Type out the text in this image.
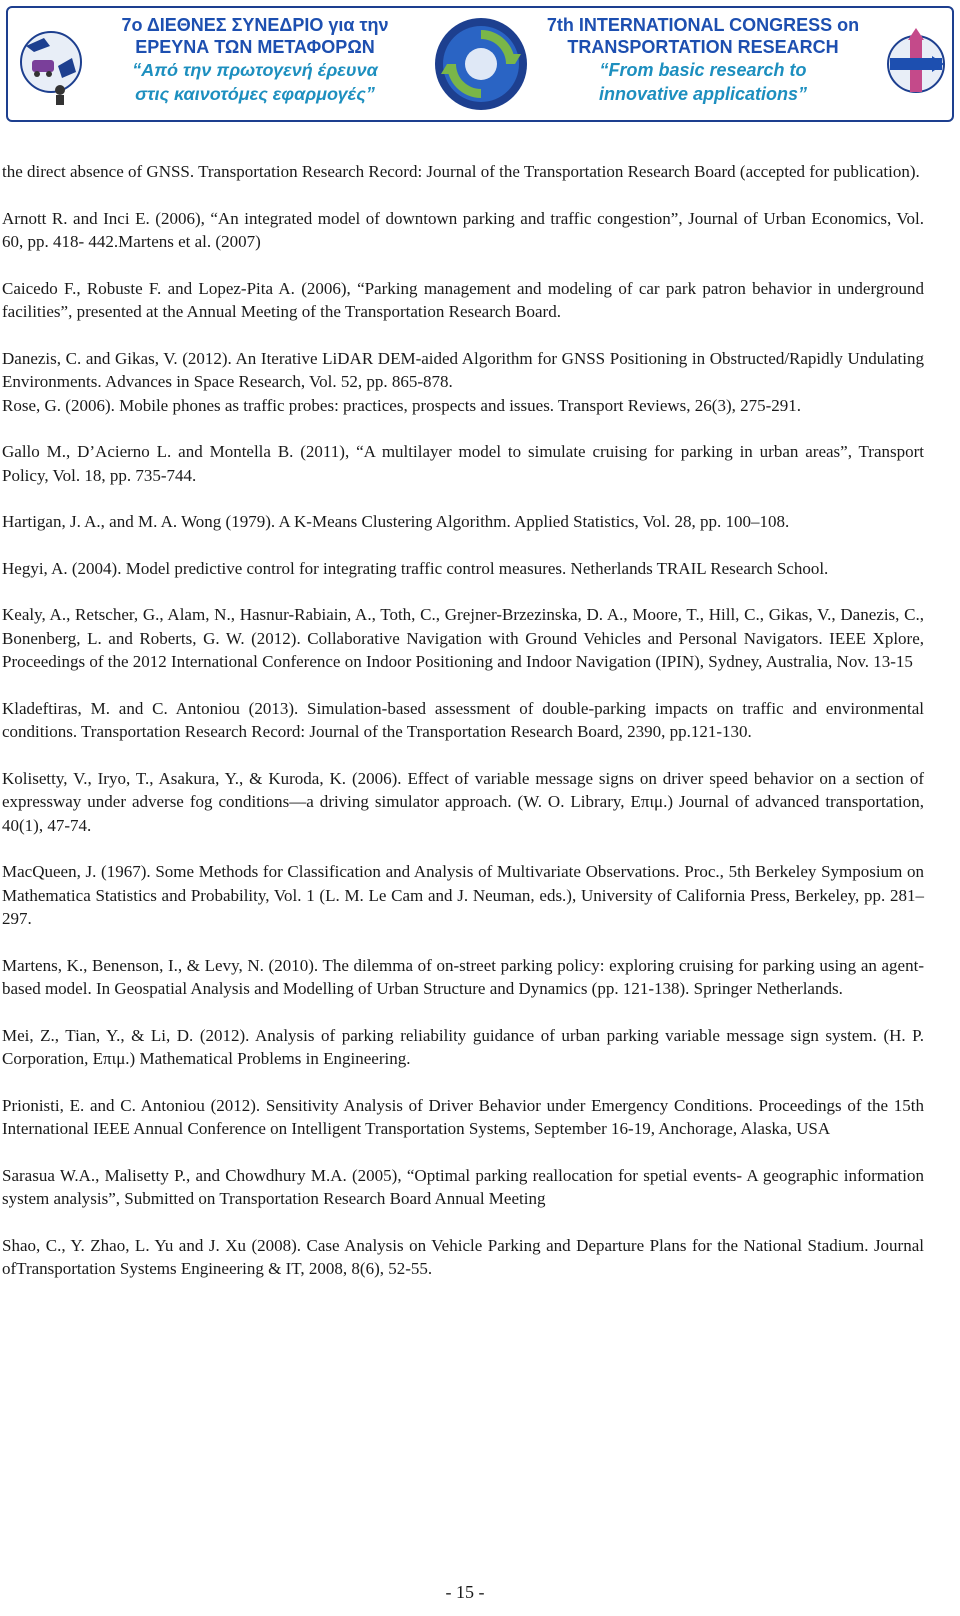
7ο ΔΙΕΘΝΕΣ ΣΥΝΕΔΡΙΟ για την
ΕΡΕΥΝΑ ΤΩΝ ΜΕΤΑΦΟΡΩΝ
“Από την πρωτογενή έρευνα
στις καινοτόμες εφαρμογές”
7th INTERNATIONAL CONGRESS on
TRANSPORTATION RESEARCH
“From basic research to
innovative applications”

the direct absence of GNSS. Transportation Research Record: Journal of the Transportation Research Board (accepted for publication).

Arnott R. and Inci E. (2006), “An integrated model of downtown parking and traffic congestion”, Journal of Urban Economics, Vol. 60, pp. 418- 442.Martens et al. (2007)

Caicedo F., Robuste F. and Lopez-Pita A. (2006), “Parking management and modeling of car park patron behavior in underground facilities”, presented at the Annual Meeting of the Transportation Research Board.

Danezis, C. and Gikas, V. (2012). An Iterative LiDAR DEM-aided Algorithm for GNSS Positioning in Obstructed/Rapidly Undulating Environments. Advances in Space Research, Vol. 52, pp. 865-878.

Rose, G. (2006). Mobile phones as traffic probes: practices, prospects and issues. Transport Reviews, 26(3), 275-291.

Gallo M., D’Acierno L. and Montella B. (2011), “A multilayer model to simulate cruising for parking in urban areas”, Transport Policy, Vol. 18, pp. 735-744.

Hartigan, J. A., and M. A. Wong (1979). A K-Means Clustering Algorithm. Applied Statistics, Vol. 28, pp. 100–108.

Hegyi, A. (2004). Model predictive control for integrating traffic control measures. Netherlands TRAIL Research School.

Kealy, A., Retscher, G., Alam, N., Hasnur-Rabiain, A., Toth, C., Grejner-Brzezinska, D. A., Moore, T., Hill, C., Gikas, V., Danezis, C., Bonenberg, L. and Roberts, G. W. (2012). Collaborative Navigation with Ground Vehicles and Personal Navigators. IEEE Xplore, Proceedings of the 2012 International Conference on Indoor Positioning and Indoor Navigation (IPIN), Sydney, Australia, Nov. 13-15

Kladeftiras, M. and C. Antoniou (2013). Simulation-based assessment of double-parking impacts on traffic and environmental conditions. Transportation Research Record: Journal of the Transportation Research Board, 2390, pp.121-130.

Kolisetty, V., Iryo, T., Asakura, Y., & Kuroda, K. (2006). Effect of variable message signs on driver speed behavior on a section of expressway under adverse fog conditions—a driving simulator approach. (W. O. Library, Επιμ.) Journal of advanced transportation, 40(1), 47-74.

MacQueen, J. (1967). Some Methods for Classification and Analysis of Multivariate Observations. Proc., 5th Berkeley Symposium on Mathematica Statistics and Probability, Vol. 1 (L. M. Le Cam and J. Neuman, eds.), University of California Press, Berkeley, pp. 281–297.

Martens, K., Benenson, I., & Levy, N. (2010). The dilemma of on-street parking policy: exploring cruising for parking using an agent-based model. In Geospatial Analysis and Modelling of Urban Structure and Dynamics (pp. 121-138). Springer Netherlands.

Mei, Z., Tian, Y., & Li, D. (2012). Analysis of parking reliability guidance of urban parking variable message sign system. (H. P. Corporation, Επιμ.) Mathematical Problems in Engineering.

Prionisti, E. and C. Antoniou (2012). Sensitivity Analysis of Driver Behavior under Emergency Conditions. Proceedings of the 15th International IEEE Annual Conference on Intelligent Transportation Systems, September 16-19, Anchorage, Alaska, USA

Sarasua W.A., Malisetty P., and Chowdhury M.A. (2005), “Optimal parking reallocation for spetial events- A geographic information system analysis”, Submitted on Transportation Research Board Annual Meeting

Shao, C., Y. Zhao, L. Yu and J. Xu (2008). Case Analysis on Vehicle Parking and Departure Plans for the National Stadium. Journal ofTransportation Systems Engineering & IT, 2008, 8(6), 52-55.

- 15 -
